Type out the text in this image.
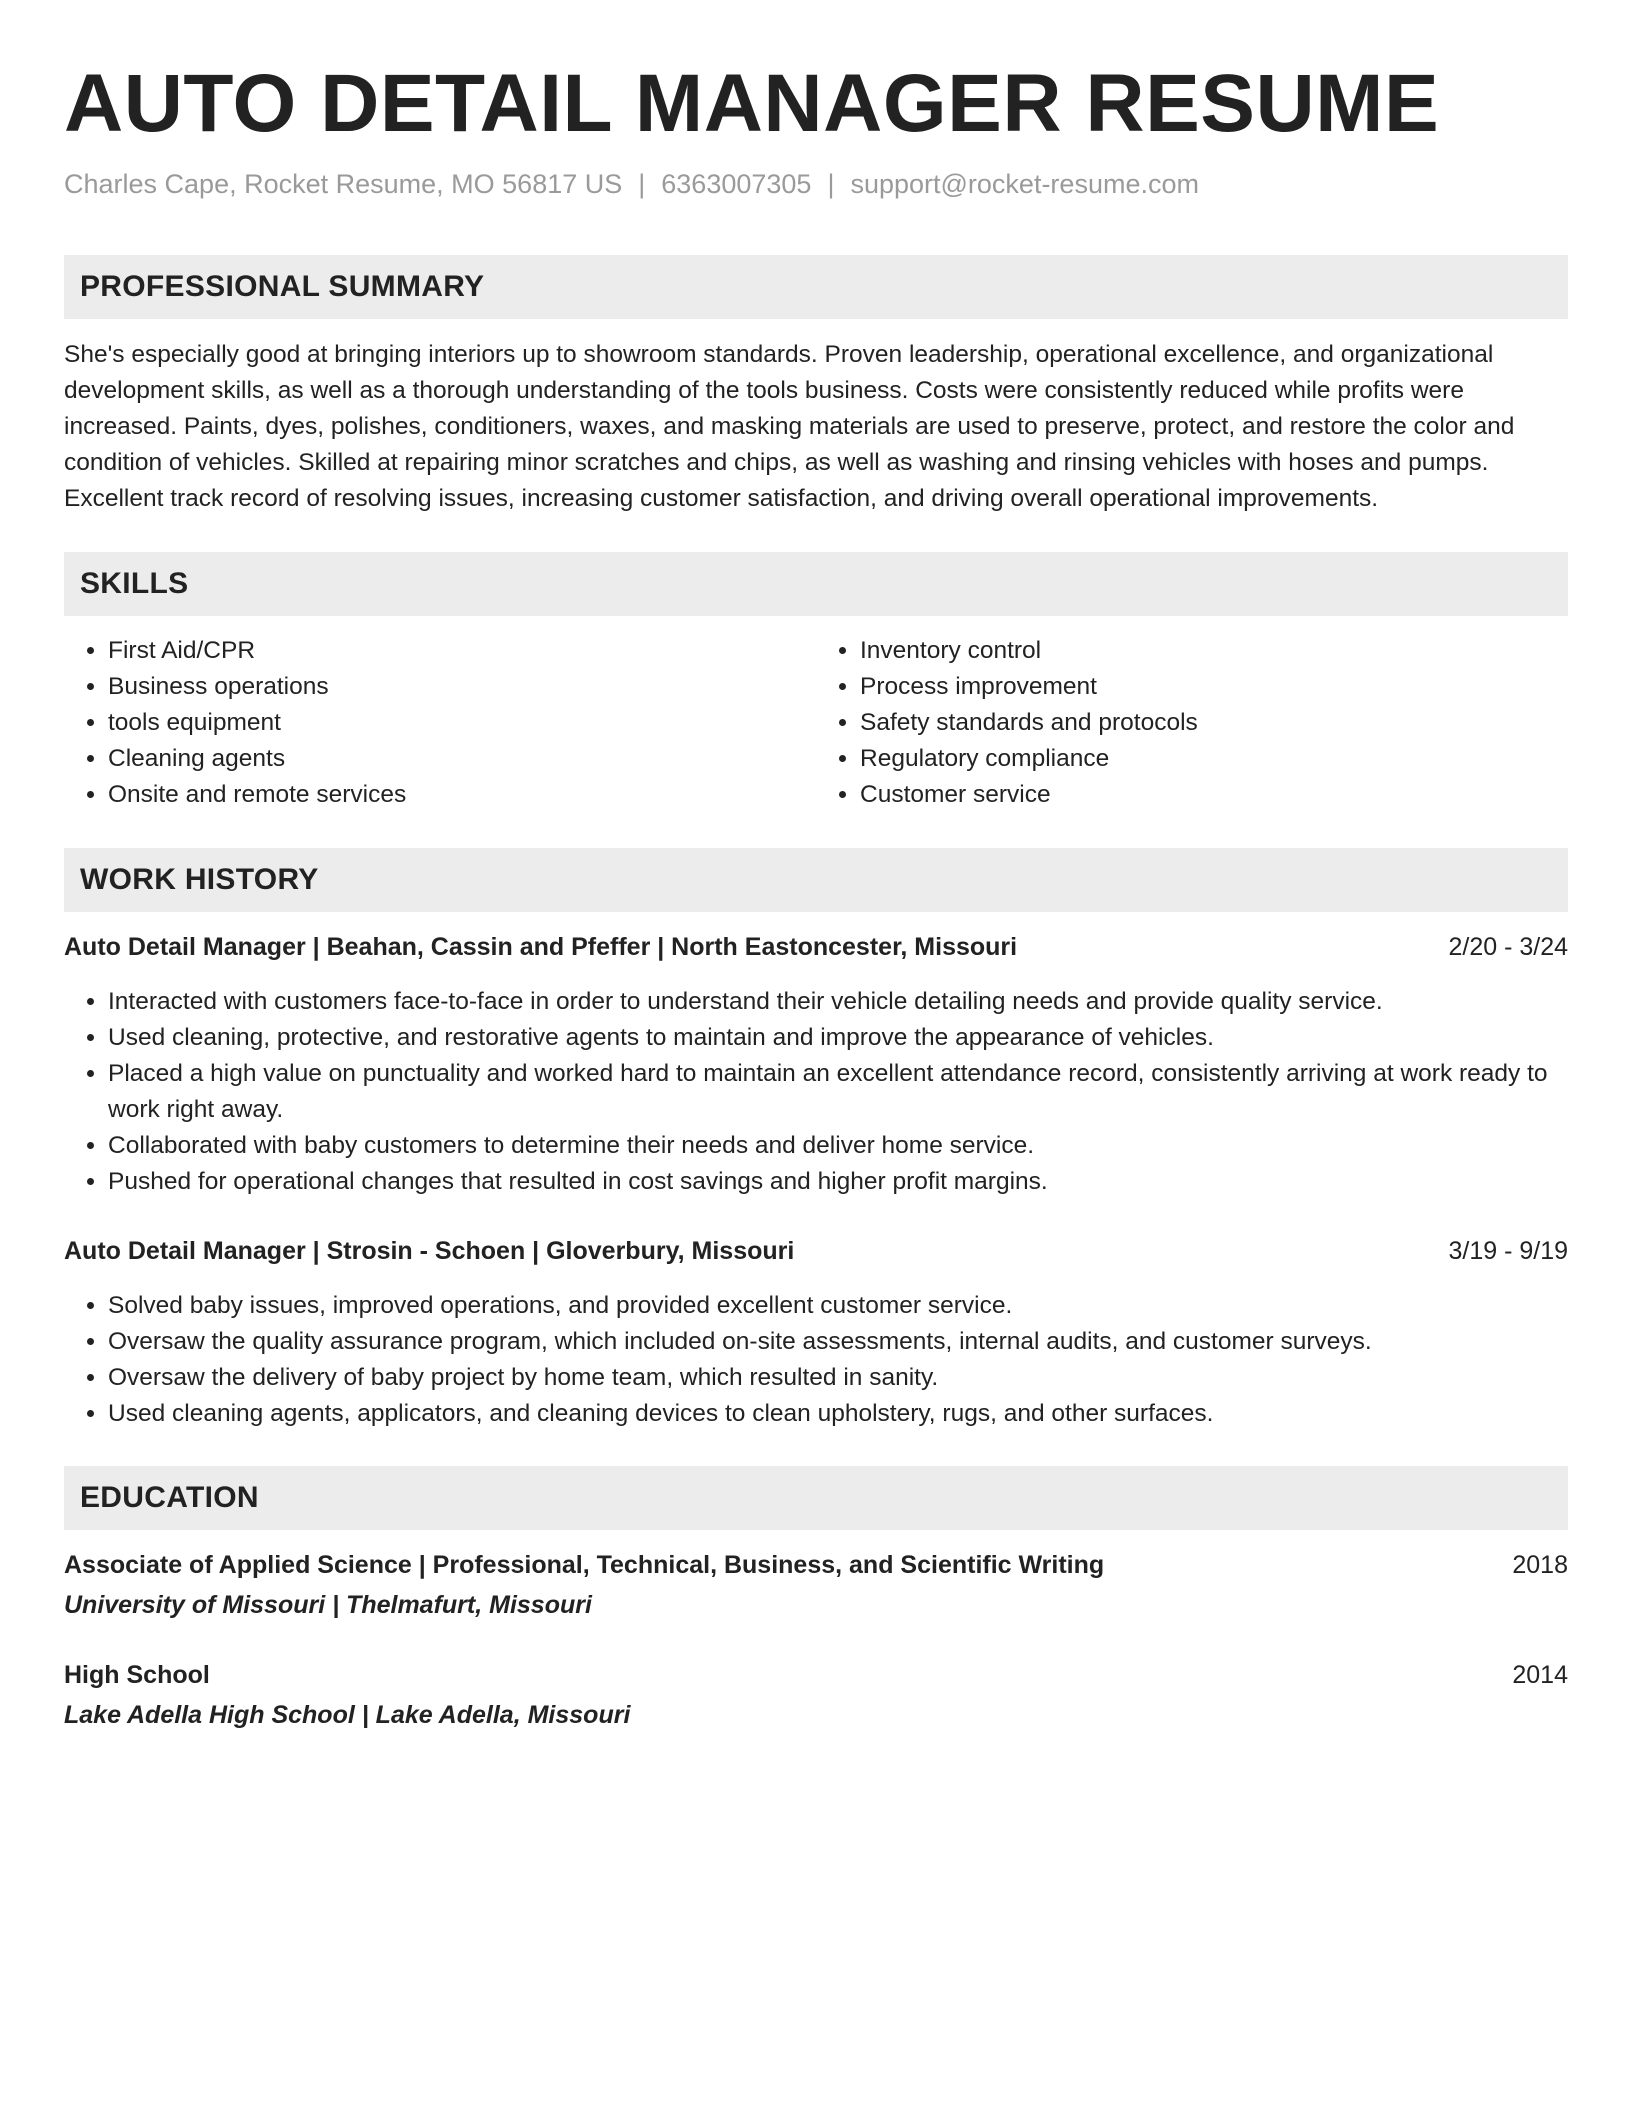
AUTO DETAIL MANAGER RESUME
Charles Cape, Rocket Resume, MO 56817 US | 6363007305 | support@rocket-resume.com
PROFESSIONAL SUMMARY
She's especially good at bringing interiors up to showroom standards. Proven leadership, operational excellence, and organizational development skills, as well as a thorough understanding of the tools business. Costs were consistently reduced while profits were increased. Paints, dyes, polishes, conditioners, waxes, and masking materials are used to preserve, protect, and restore the color and condition of vehicles. Skilled at repairing minor scratches and chips, as well as washing and rinsing vehicles with hoses and pumps. Excellent track record of resolving issues, increasing customer satisfaction, and driving overall operational improvements.
SKILLS
• First Aid/CPR
• Business operations
• tools equipment
• Cleaning agents
• Onsite and remote services
• Inventory control
• Process improvement
• Safety standards and protocols
• Regulatory compliance
• Customer service
WORK HISTORY
Auto Detail Manager | Beahan, Cassin and Pfeffer | North Eastoncester, Missouri	2/20 - 3/24
• Interacted with customers face-to-face in order to understand their vehicle detailing needs and provide quality service.
• Used cleaning, protective, and restorative agents to maintain and improve the appearance of vehicles.
• Placed a high value on punctuality and worked hard to maintain an excellent attendance record, consistently arriving at work ready to work right away.
• Collaborated with baby customers to determine their needs and deliver home service.
• Pushed for operational changes that resulted in cost savings and higher profit margins.
Auto Detail Manager | Strosin - Schoen | Gloverbury, Missouri	3/19 - 9/19
• Solved baby issues, improved operations, and provided excellent customer service.
• Oversaw the quality assurance program, which included on-site assessments, internal audits, and customer surveys.
• Oversaw the delivery of baby project by home team, which resulted in sanity.
• Used cleaning agents, applicators, and cleaning devices to clean upholstery, rugs, and other surfaces.
EDUCATION
Associate of Applied Science | Professional, Technical, Business, and Scientific Writing	2018
University of Missouri | Thelmafurt, Missouri
High School	2014
Lake Adella High School | Lake Adella, Missouri
